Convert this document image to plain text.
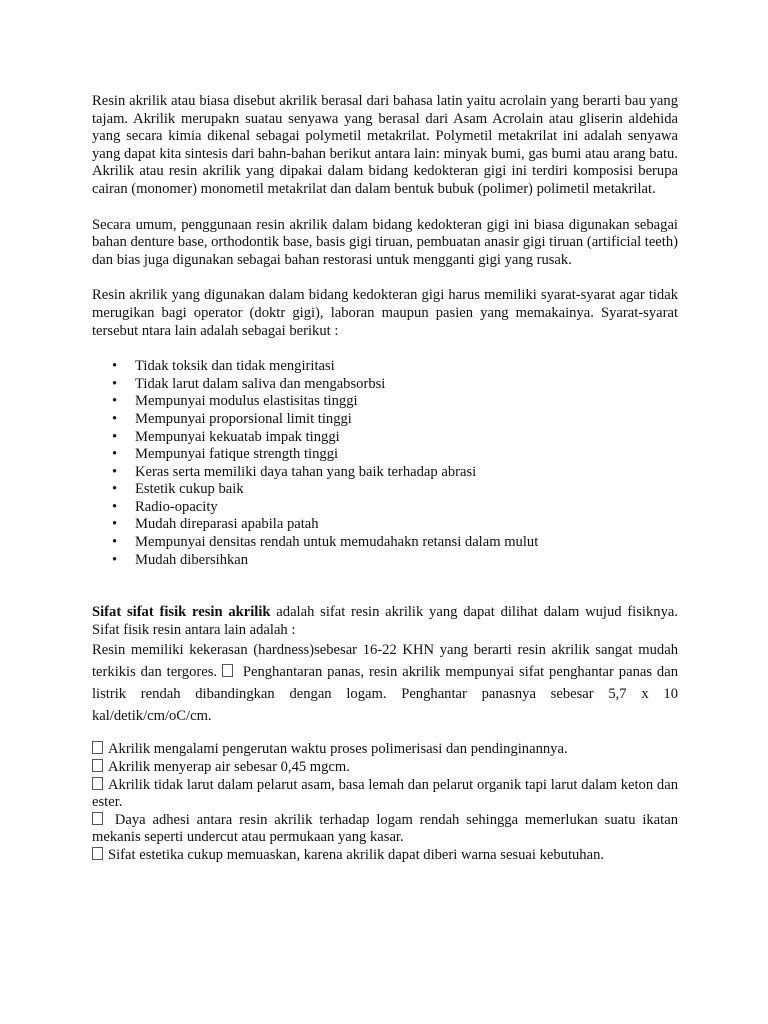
Resin akrilik atau biasa disebut akrilik berasal dari bahasa latin yaitu acrolain yang berarti bau yang tajam. Akrilik merupakn suatau senyawa yang berasal dari Asam Acrolain atau gliserin aldehida yang secara kimia dikenal sebagai polymetil metakrilat. Polymetil metakrilat ini adalah senyawa yang dapat kita sintesis dari bahn-bahan berikut antara lain: minyak bumi, gas bumi atau arang batu. Akrilik atau resin akrilik yang dipakai dalam bidang kedokteran gigi ini terdiri komposisi berupa cairan (monomer) monometil metakrilat dan dalam bentuk bubuk (polimer) polimetil metakrilat.

Secara umum, penggunaan resin akrilik dalam bidang kedokteran gigi ini biasa digunakan sebagai bahan denture base, orthodontik base, basis gigi tiruan, pembuatan anasir gigi tiruan (artificial teeth) dan bias juga digunakan sebagai bahan restorasi untuk mengganti gigi yang rusak.

Resin akrilik yang digunakan dalam bidang kedokteran gigi harus memiliki syarat-syarat agar tidak merugikan bagi operator (doktr gigi), laboran maupun pasien yang memakainya. Syarat-syarat tersebut ntara lain adalah sebagai berikut :

•	Tidak toksik dan tidak mengiritasi
•	Tidak larut dalam saliva dan mengabsorbsi
•	Mempunyai modulus elastisitas tinggi
•	Mempunyai proporsional limit tinggi
•	Mempunyai kekuatab impak tinggi
•	Mempunyai fatique strength tinggi
•	Keras serta memiliki daya tahan yang baik terhadap abrasi
•	Estetik cukup baik
•	Radio-opacity
•	Mudah direparasi apabila patah
•	Mempunyai densitas rendah untuk memudahakn retansi dalam mulut
•	Mudah dibersihkan

Sifat sifat fisik resin akrilik adalah sifat resin akrilik yang dapat dilihat dalam wujud fisiknya. Sifat fisik resin antara lain adalah :

Resin memiliki kekerasan (hardness)sebesar 16-22 KHN yang berarti resin akrilik sangat mudah terkikis dan tergores.  Penghantaran panas, resin akrilik mempunyai sifat penghantar panas dan listrik rendah dibandingkan dengan logam. Penghantar panasnya sebesar 5,7 x 10 kal/detik/cm/oC/cm.

Akrilik mengalami pengerutan waktu proses polimerisasi dan pendinginannya.

Akrilik menyerap air sebesar 0,45 mgcm.

Akrilik tidak larut dalam pelarut asam, basa lemah dan pelarut organik tapi larut dalam keton dan ester.

Daya adhesi antara resin akrilik terhadap logam rendah sehingga memerlukan suatu ikatan mekanis seperti undercut atau permukaan yang kasar.

Sifat estetika cukup memuaskan, karena akrilik dapat diberi warna sesuai kebutuhan.
